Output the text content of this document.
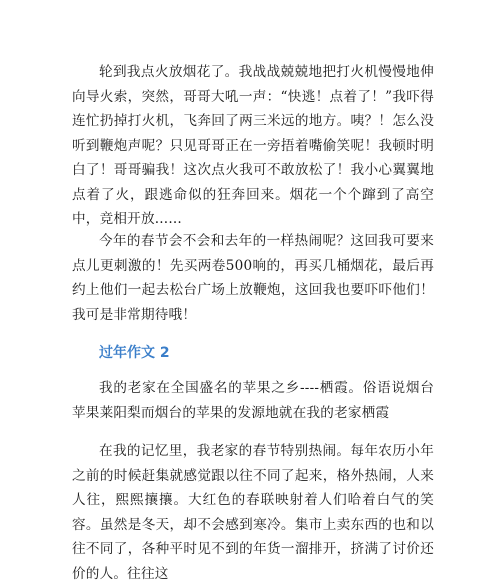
轮到我点火放烟花了。我战战兢兢地把打火机慢慢地伸向导火索，突然，哥哥大吼一声：“快逃！点着了！”我吓得连忙扔掉打火机，飞奔回了两三米远的地方。咦？！怎么没听到鞭炮声呢？只见哥哥正在一旁捂着嘴偷笑呢！我顿时明白了！哥哥骗我！这次点火我可不敢放松了！我小心翼翼地点着了火，跟逃命似的狂奔回来。烟花一个个蹿到了高空中，竞相开放......

今年的春节会不会和去年的一样热闹呢？这回我可要来点儿更刺激的！先买两卷500响的，再买几桶烟花，最后再约上他们一起去松台广场上放鞭炮，这回我也要吓吓他们！我可是非常期待哦！

过年作文 2

我的老家在全国盛名的苹果之乡----栖霞。俗语说烟台苹果莱阳梨而烟台的苹果的发源地就在我的老家栖霞

在我的记忆里，我老家的春节特别热闹。每年农历小年之前的时候赶集就感觉跟以往不同了起来，格外热闹，人来人往，熙熙攘攘。大红色的春联映射着人们哈着白气的笑容。虽然是冬天，却不会感到寒冷。集市上卖东西的也和以往不同了，各种平时见不到的年货一溜排开，挤满了讨价还价的人。往往这
